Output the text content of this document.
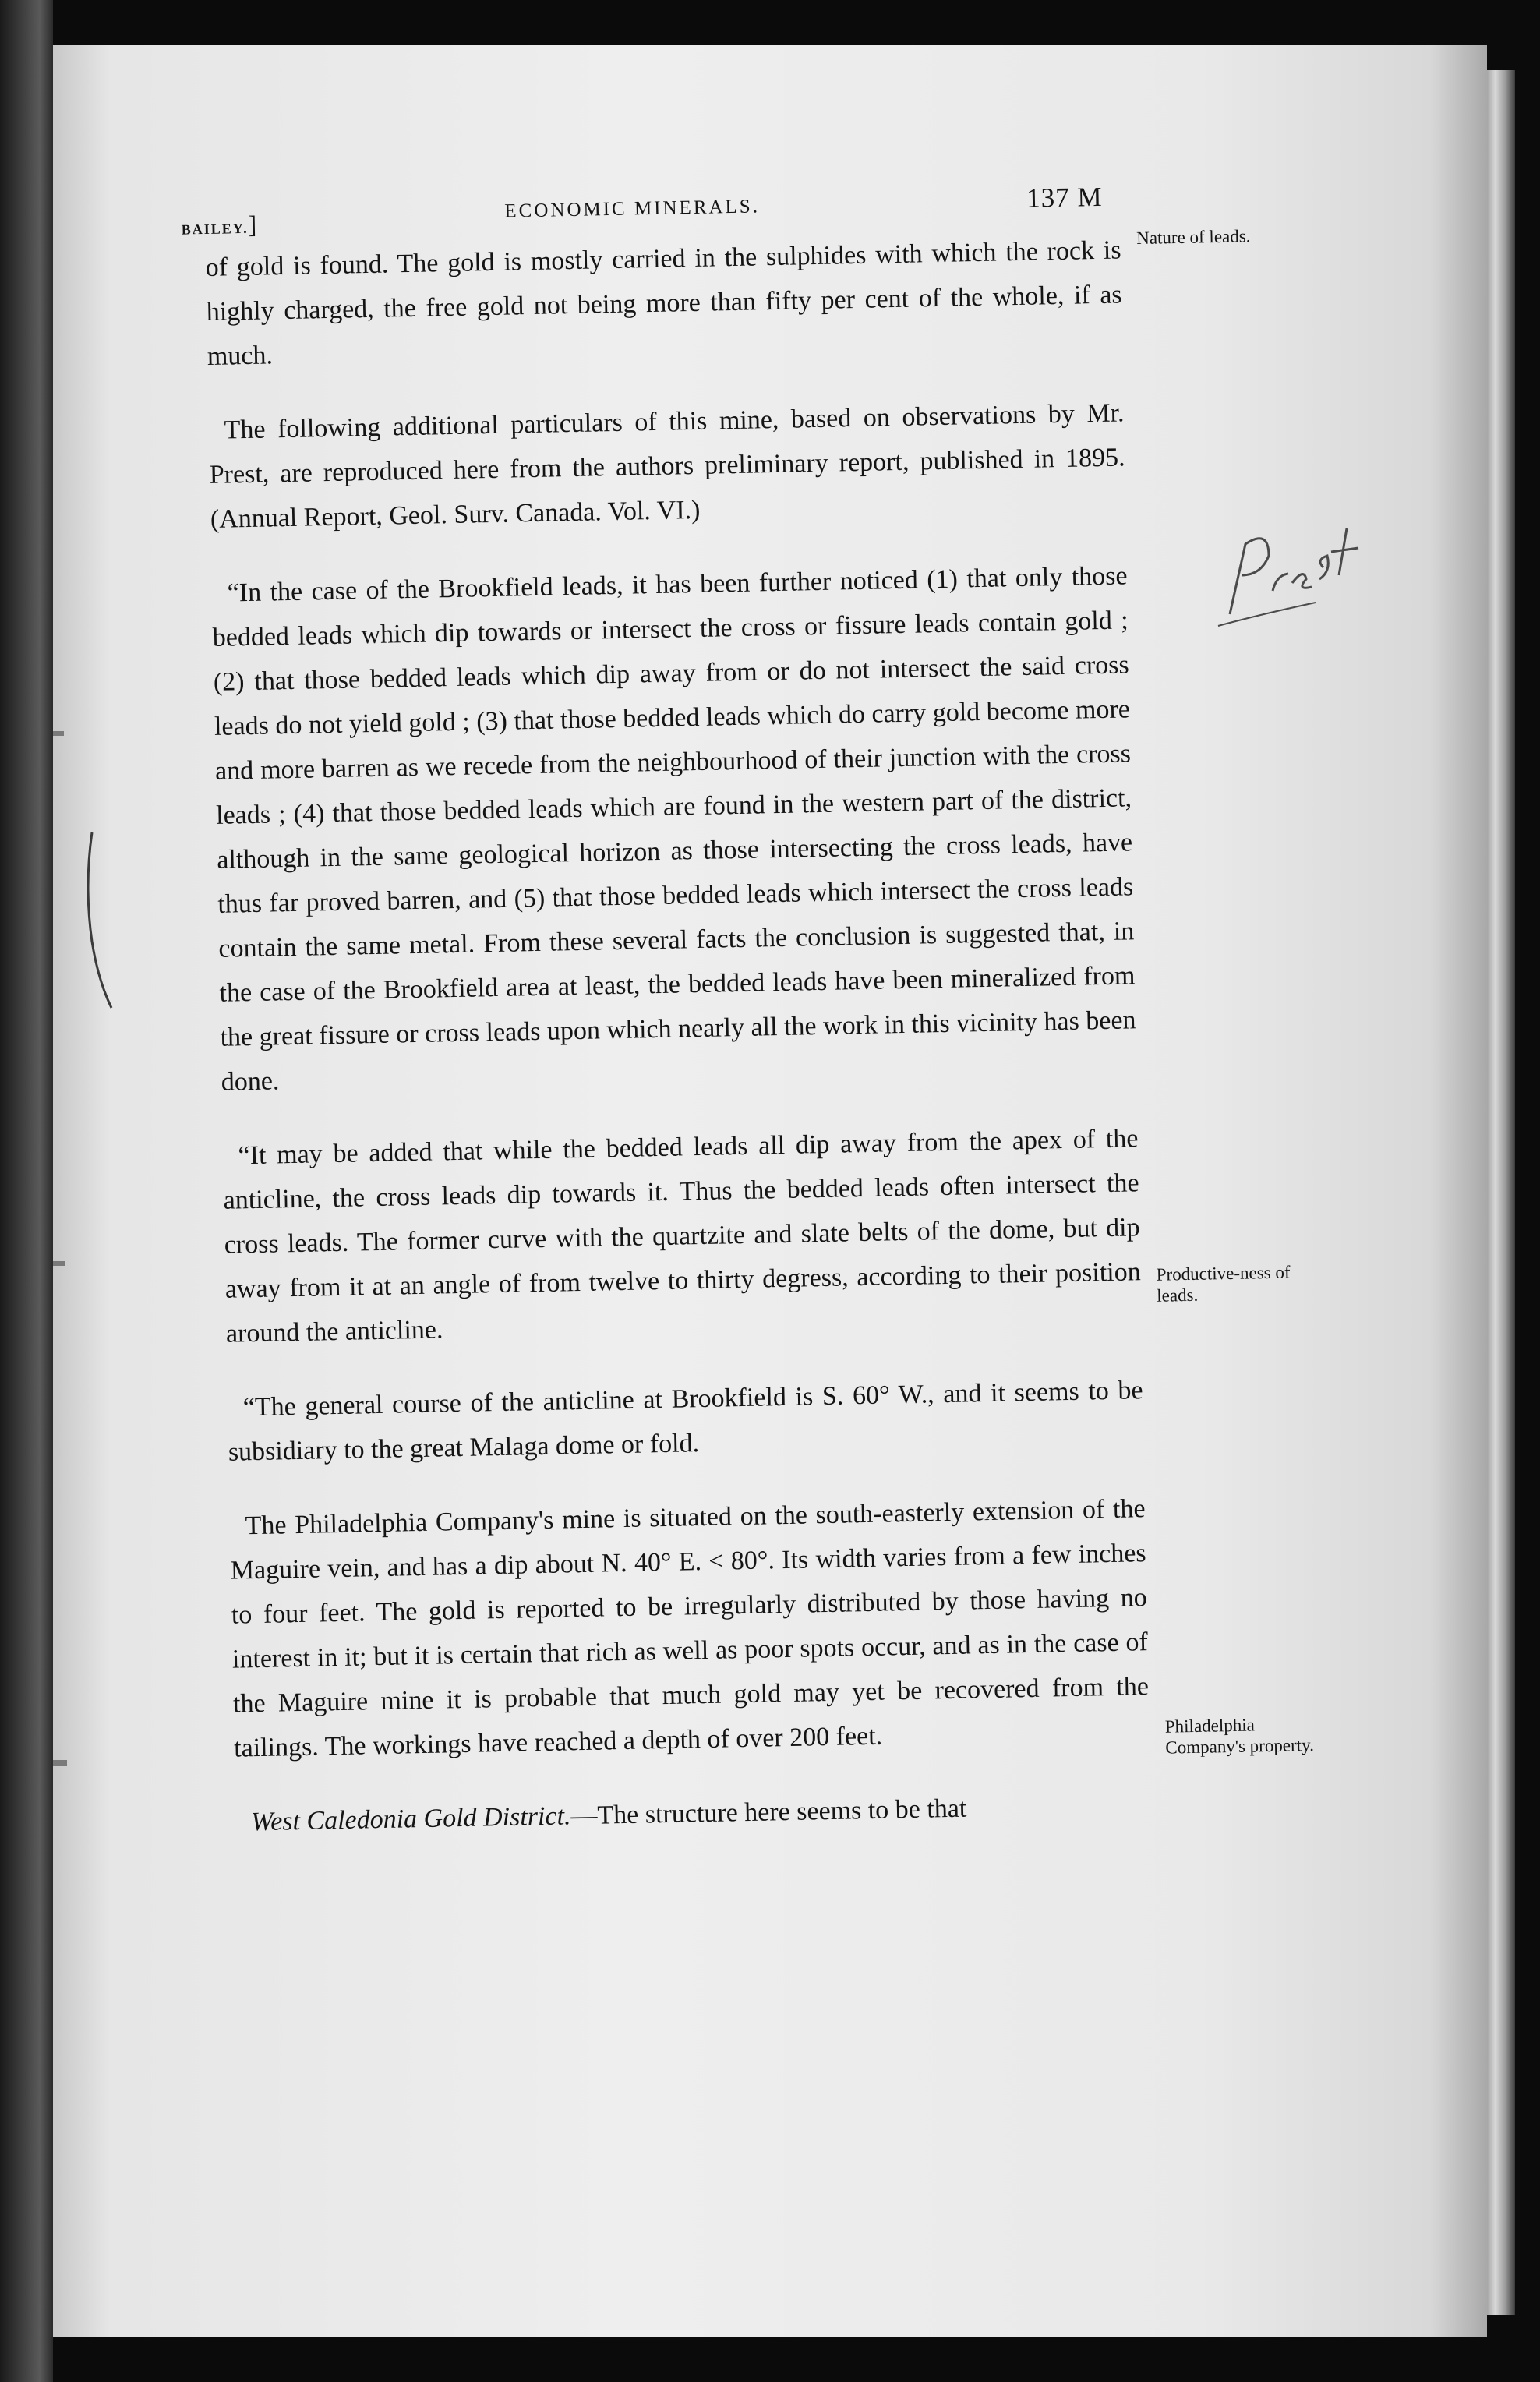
BAILEY.]
ECONOMIC MINERALS.	137 M
Nature of leads.
Productive-ness of leads.
Philadelphia Company's property.

of gold is found. The gold is mostly carried in the sulphides with which the rock is highly charged, the free gold not being more than fifty per cent of the whole, if as much.

The following additional particulars of this mine, based on observations by Mr. Prest, are reproduced here from the authors preliminary report, published in 1895. (Annual Report, Geol. Surv. Canada. Vol. VI.)

“In the case of the Brookfield leads, it has been further noticed (1) that only those bedded leads which dip towards or intersect the cross or fissure leads contain gold ; (2) that those bedded leads which dip away from or do not intersect the said cross leads do not yield gold ; (3) that those bedded leads which do carry gold become more and more barren as we recede from the neighbourhood of their junction with the cross leads ; (4) that those bedded leads which are found in the western part of the district, although in the same geological horizon as those intersecting the cross leads, have thus far proved barren, and (5) that those bedded leads which intersect the cross leads contain the same metal. From these several facts the conclusion is suggested that, in the case of the Brookfield area at least, the bedded leads have been mineralized from the great fissure or cross leads upon which nearly all the work in this vicinity has been done.

“It may be added that while the bedded leads all dip away from the apex of the anticline, the cross leads dip towards it. Thus the bedded leads often intersect the cross leads. The former curve with the quartzite and slate belts of the dome, but dip away from it at an angle of from twelve to thirty degress, according to their position around the anticline.

“The general course of the anticline at Brookfield is S. 60° W., and it seems to be subsidiary to the great Malaga dome or fold.

The Philadelphia Company's mine is situated on the south-easterly extension of the Maguire vein, and has a dip about N. 40° E. < 80°. Its width varies from a few inches to four feet. The gold is reported to be irregularly distributed by those having no interest in it; but it is certain that rich as well as poor spots occur, and as in the case of the Maguire mine it is probable that much gold may yet be recovered from the tailings. The workings have reached a depth of over 200 feet.

West Caledonia Gold District.—The structure here seems to be that
